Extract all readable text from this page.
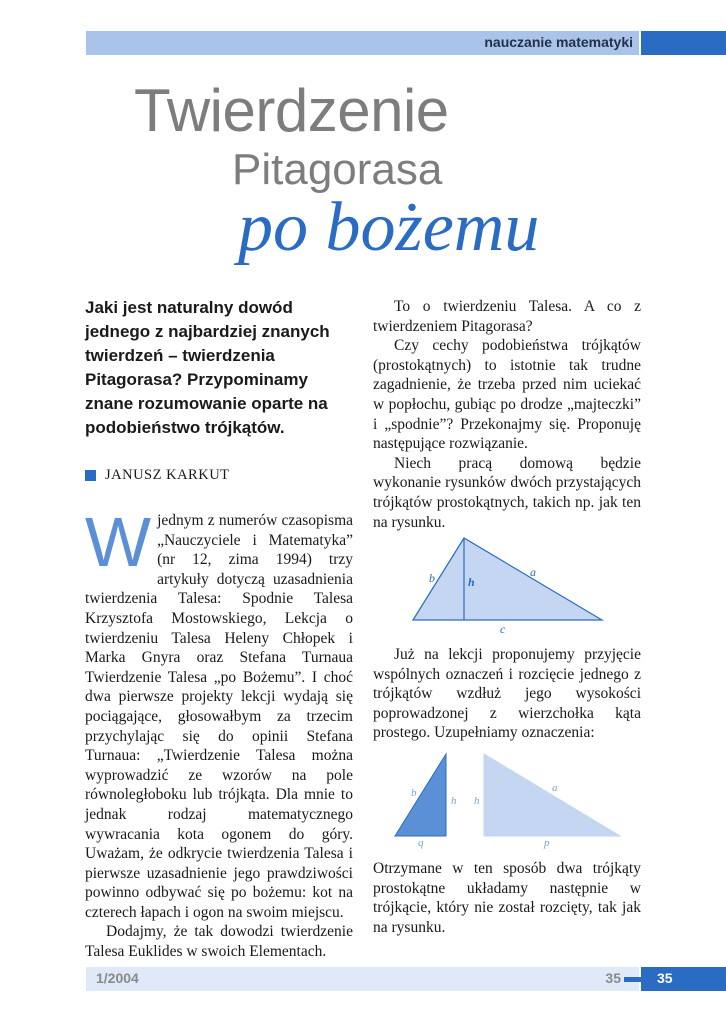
nauczanie matematyki
Twierdzenie
Pitagorasa
po bożemu
Jaki jest naturalny dowód jednego z najbardziej znanych twierdzeń – twierdzenia Pitagorasa? Przypominamy znane rozumowanie oparte na podobieństwo trójkątów.
JANUSZ KARKUT
W jednym z numerów czasopisma „Nauczyciele i Matematyka” (nr 12, zima 1994) trzy artykuły dotyczą uzasadnienia twierdzenia Talesa: Spodnie Talesa Krzysztofa Mostowskiego, Lekcja o twierdzeniu Talesa Heleny Chłopek i Marka Gnyra oraz Stefana Turnaua Twierdzenie Talesa „po Bożemu”. I choć dwa pierwsze projekty lekcji wydają się pociągające, głosowałbym za trzecim przychylając się do opinii Stefana Turnaua: „Twierdzenie Talesa można wyprowadzić ze wzorów na pole równoległoboku lub trójkąta. Dla mnie to jednak rodzaj matematycznego wywracania kota ogonem do góry. Uważam, że odkrycie twierdzenia Talesa i pierwsze uzasadnienie jego prawdziwości powinno odbywać się po bożemu: kot na czterech łapach i ogon na swoim miejscu.

Dodajmy, że tak dowodzi twierdzenie Talesa Euklides w swoich Elementach.

To o twierdzeniu Talesa. A co z twierdzeniem Pitagorasa?

Czy cechy podobieństwa trójkątów (prostokątnych) to istotnie tak trudne zagadnienie, że trzeba przed nim uciekać w popłochu, gubiąc po drodze „majteczki” i „spodnie”? Przekonajmy się. Proponuję następujące rozwiązanie.

Niech pracą domową będzie wykonanie rysunków dwóch przystających trójkątów prostokątnych, takich np. jak ten na rysunku.

b	h
a
c

Już na lekcji proponujemy przyjęcie wspólnych oznaczeń i rozcięcie jednego z trójkątów wzdłuż jego wysokości poprowadzonej z wierzchołka kąta prostego. Uzupełniamy oznaczenia:

b
h
q
h
a
p

Otrzymane w ten sposób dwa trójkąty prostokątne układamy następnie w trójkącie, który nie został rozcięty, tak jak na rysunku.

1/2004	35	35
